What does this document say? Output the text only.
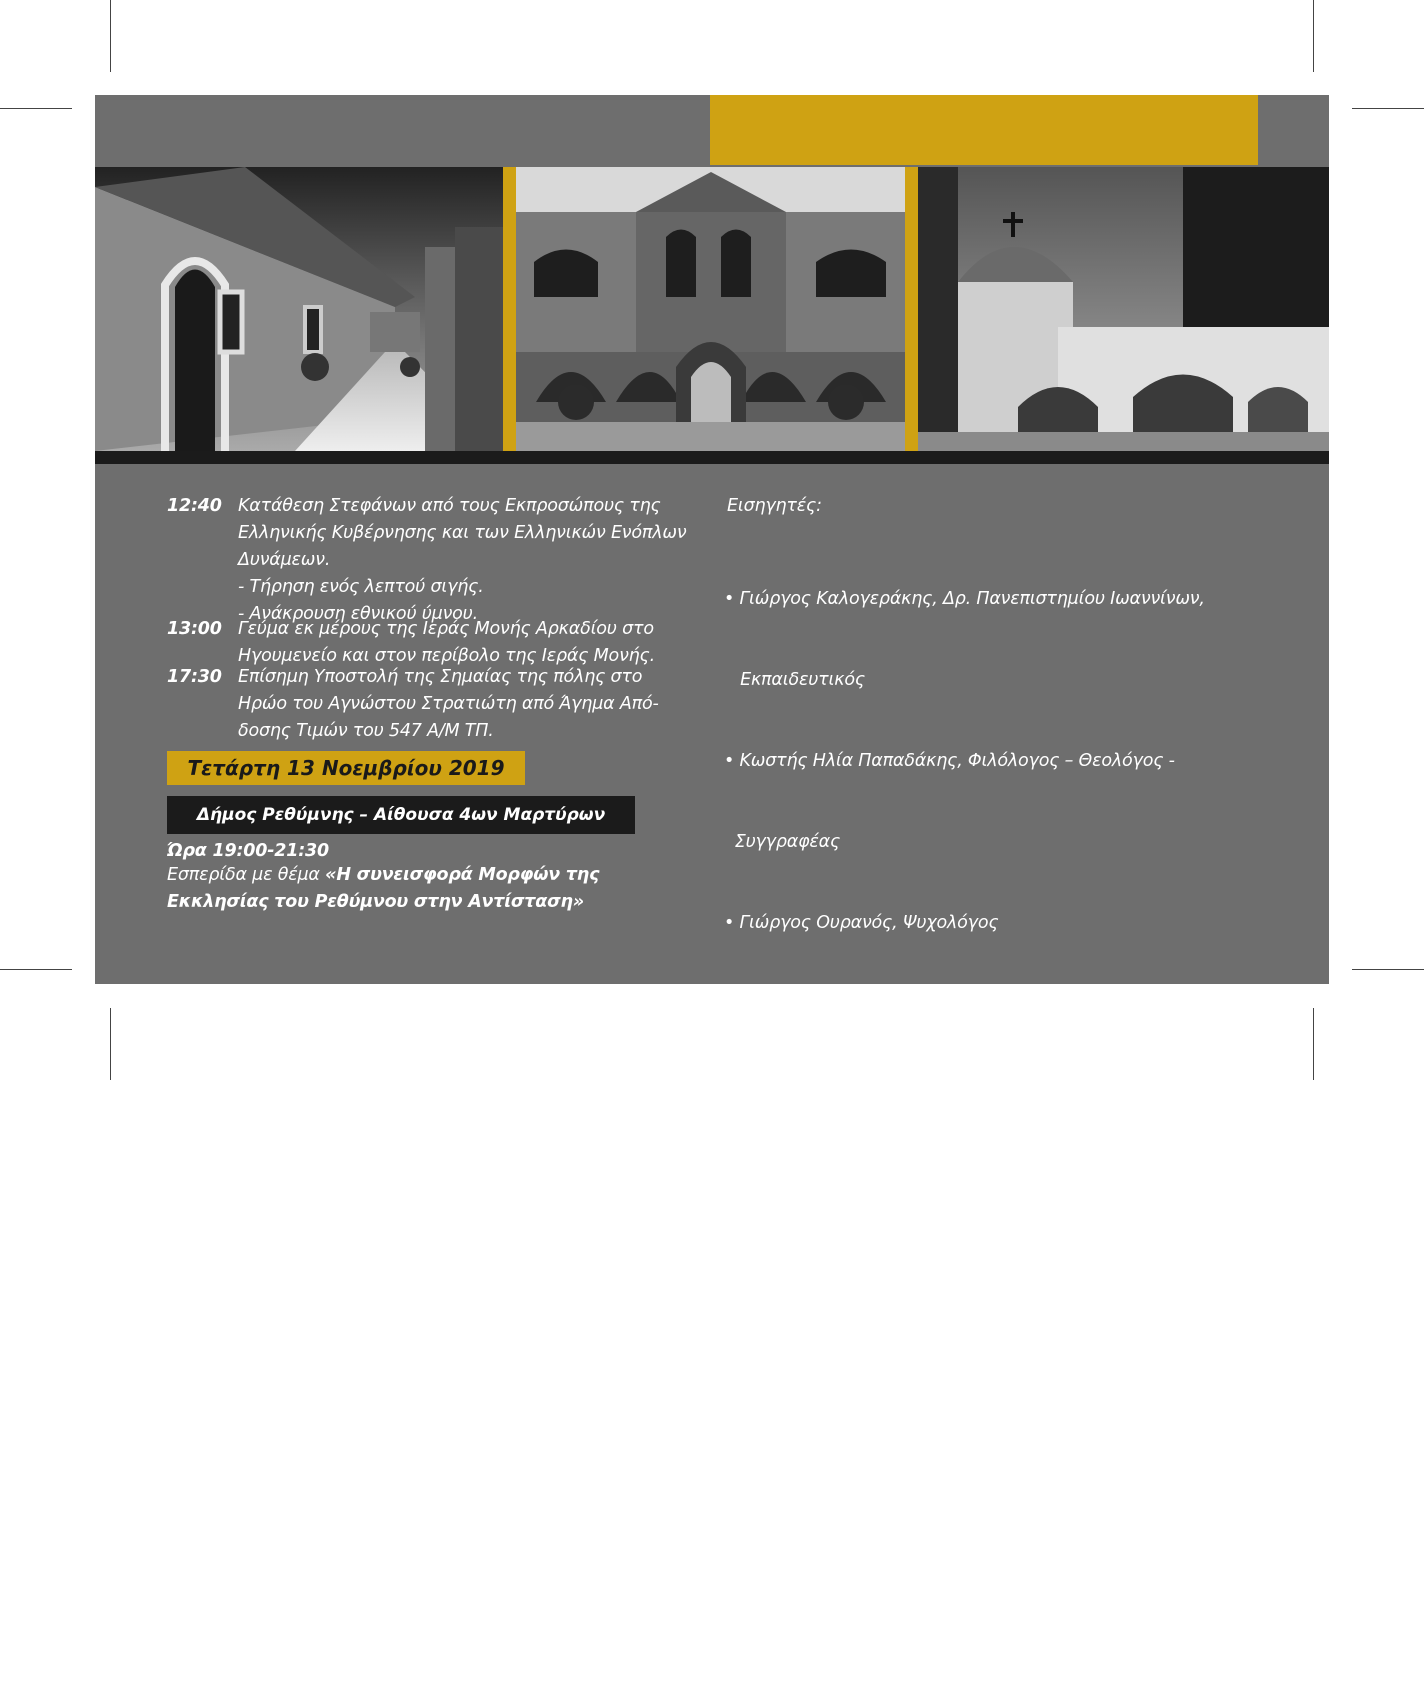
12:40 Κατάθεση Στεφάνων από τους Εκπροσώπους της
Ελληνικής Κυβέρνησης και των Ελληνικών Ενόπλων
Δυνάμεων.
- Τήρηση ενός λεπτού σιγής.
- Ανάκρουση εθνικού ύμνου.
13:00 Γεύμα εκ μέρους της Ιεράς Μονής Αρκαδίου στο
Ηγουμενείο και στον περίβολο της Ιεράς Μονής.
17:30 Επίσημη Υποστολή της Σημαίας της πόλης στο
Ηρώο του Αγνώστου Στρατιώτη από Άγημα Από-
δοσης Τιμών του 547 Α/Μ ΤΠ.
Τετάρτη 13 Νοεμβρίου 2019
Δήμος Ρεθύμνης – Αίθουσα 4ων Μαρτύρων
Ώρα 19:00-21:30
Εσπερίδα με θέμα «Η συνεισφορά Μορφών της
Εκκλησίας του Ρεθύμνου στην Αντίσταση»
Εισηγητές:

• Γιώργος Καλογεράκης, Δρ. Πανεπιστημίου Ιωαννίνων,

Εκπαιδευτικός

• Κωστής Ηλία Παπαδάκης, Φιλόλογος – Θεολόγος -

Συγγραφέας

• Γιώργος Ουρανός, Ψυχολόγος

• Βασίλης Αποστολάκης, Αντιστράτηγος ε.α. ΕΛΑΣ

• Κώστας Μυγιάκης, Εκπαιδευτικός

• Μιχάλης Σαρρής

• Γιάννης -  Νεκτάριος Χαραλαμπάκης, Αντιδήμαρχος Αγίου

Βασιλείου

• Κωστής Μεργέμογλου, καθηγητής Βυζαντινής μουσικής

- φοιτητής Φιλοσοφικής.

Συντονίστρια: Εύα Λαδιά

Συμμετέχει η εκκλησιαστική χορωδία «Παύλος Βλαστός».
